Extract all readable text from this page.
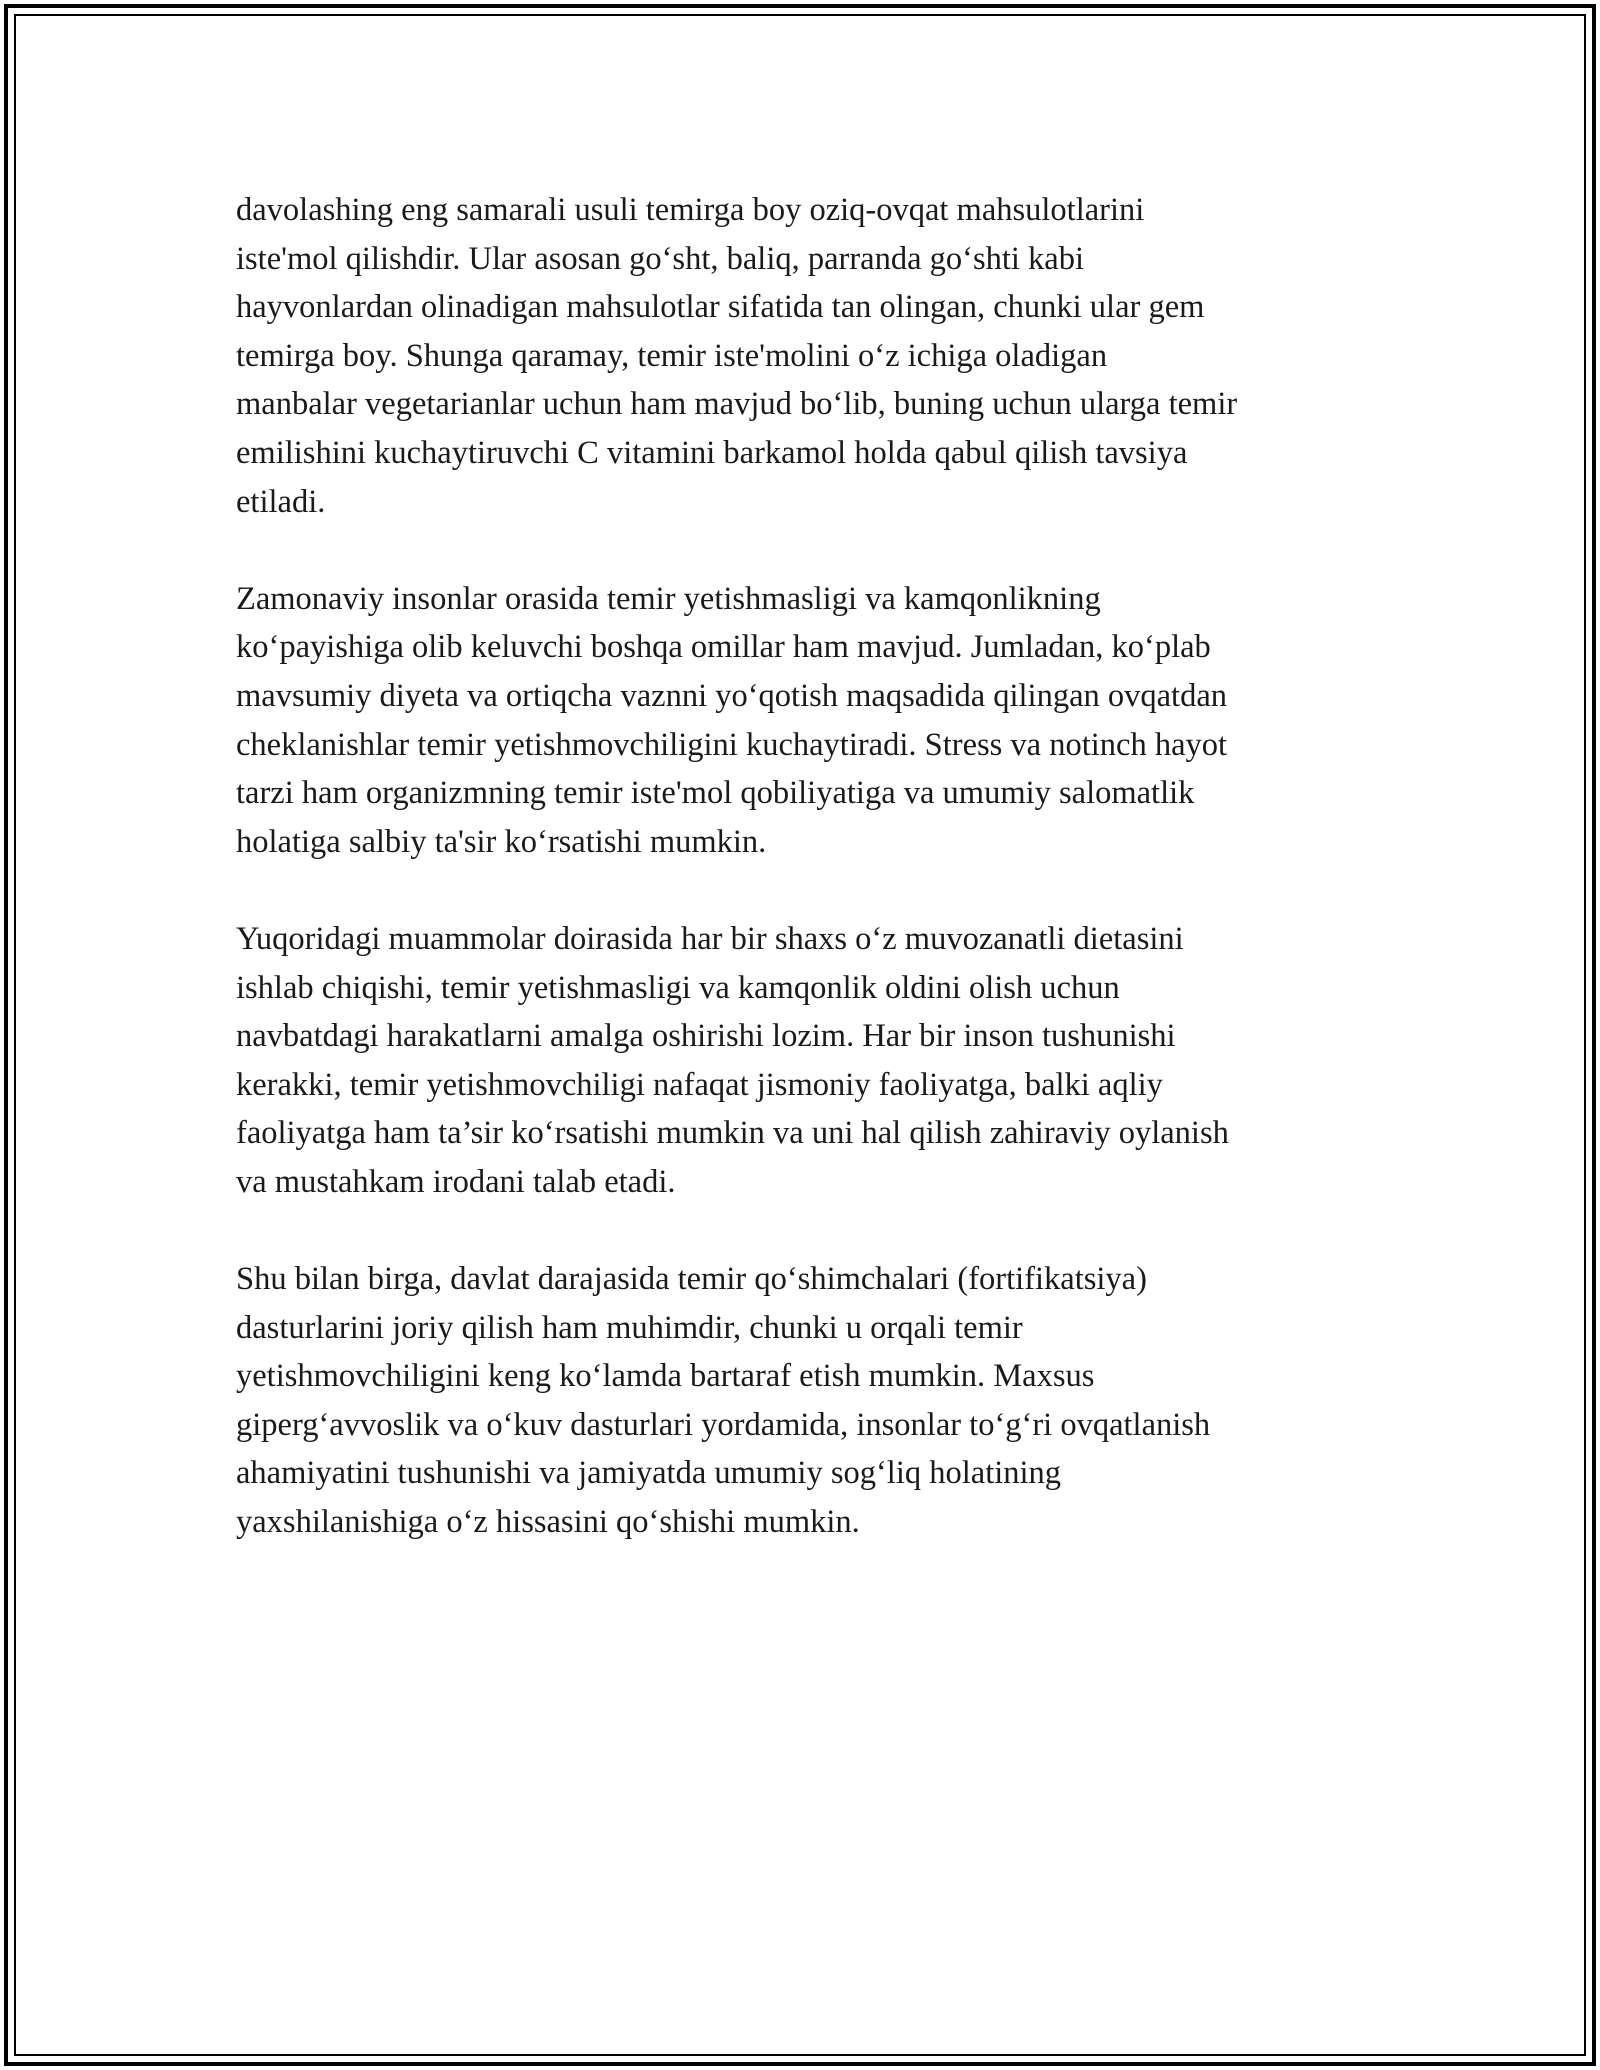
davolashing eng samarali usuli temirga boy oziq-ovqat mahsulotlarini
iste'mol qilishdir. Ular asosan go‘sht, baliq, parranda go‘shti kabi
hayvonlardan olinadigan mahsulotlar sifatida tan olingan, chunki ular gem
temirga boy. Shunga qaramay, temir iste'molini o‘z ichiga oladigan
manbalar vegetarianlar uchun ham mavjud bo‘lib, buning uchun ularga temir
emilishini kuchaytiruvchi C vitamini barkamol holda qabul qilish tavsiya
etiladi.

Zamonaviy insonlar orasida temir yetishmasligi va kamqonlikning
ko‘payishiga olib keluvchi boshqa omillar ham mavjud. Jumladan, ko‘plab
mavsumiy diyeta va ortiqcha vaznni yo‘qotish maqsadida qilingan ovqatdan
cheklanishlar temir yetishmovchiligini kuchaytiradi. Stress va notinch hayot
tarzi ham organizmning temir iste'mol qobiliyatiga va umumiy salomatlik
holatiga salbiy ta'sir ko‘rsatishi mumkin.

Yuqoridagi muammolar doirasida har bir shaxs o‘z muvozanatli dietasini
ishlab chiqishi, temir yetishmasligi va kamqonlik oldini olish uchun
navbatdagi harakatlarni amalga oshirishi lozim. Har bir inson tushunishi
kerakki, temir yetishmovchiligi nafaqat jismoniy faoliyatga, balki aqliy
faoliyatga ham ta’sir ko‘rsatishi mumkin va uni hal qilish zahiraviy oylanish
va mustahkam irodani talab etadi.

Shu bilan birga, davlat darajasida temir qo‘shimchalari (fortifikatsiya)
dasturlarini joriy qilish ham muhimdir, chunki u orqali temir
yetishmovchiligini keng ko‘lamda bartaraf etish mumkin. Maxsus
giperg‘avvoslik va o‘kuv dasturlari yordamida, insonlar to‘g‘ri ovqatlanish
ahamiyatini tushunishi va jamiyatda umumiy sog‘liq holatining
yaxshilanishiga o‘z hissasini qo‘shishi mumkin.
